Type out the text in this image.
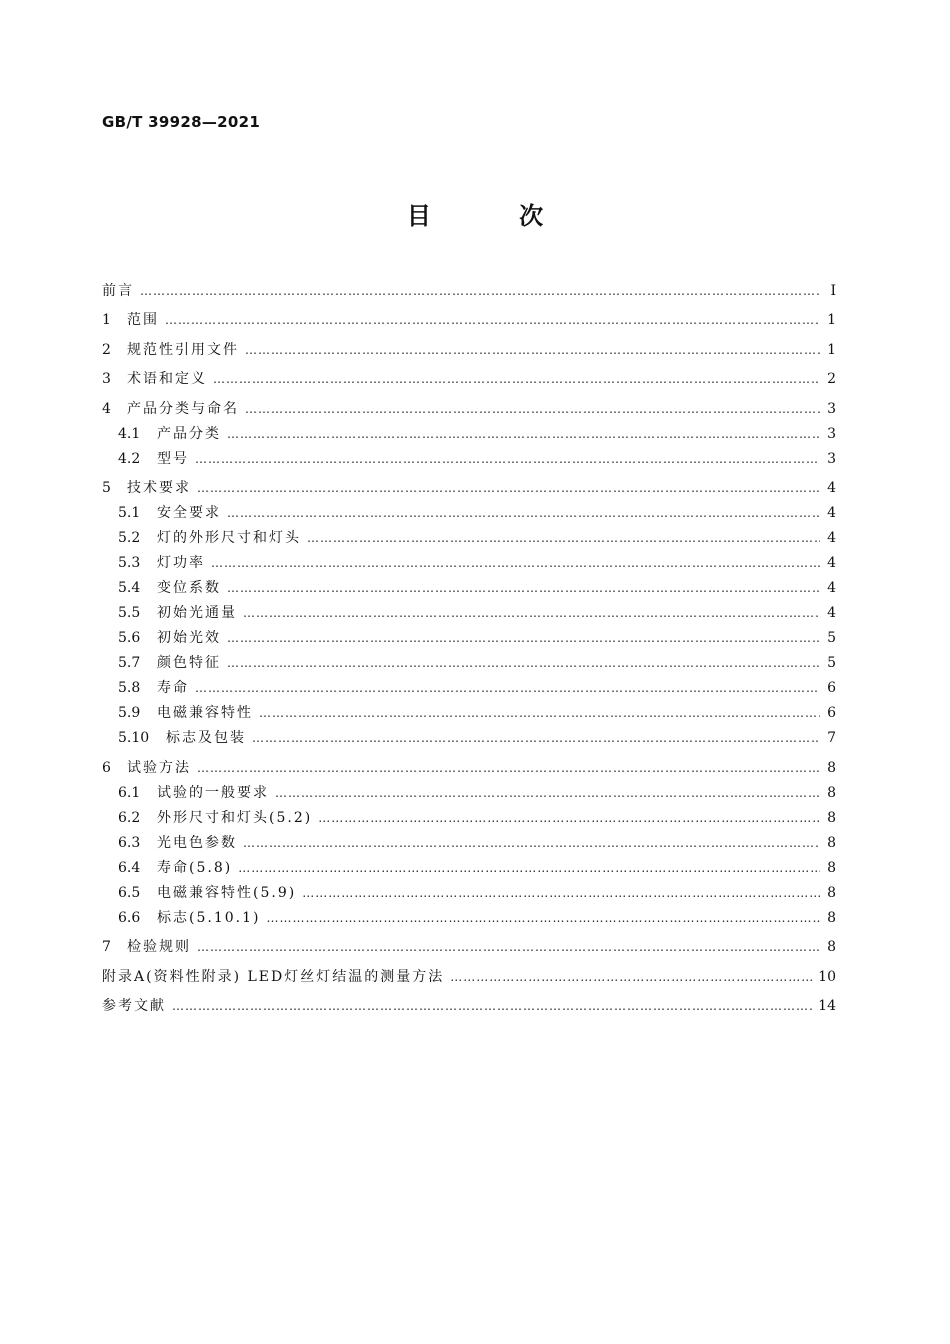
GB/T 39928—2021
目 次
前言 ……………………………………………………………………………………………………………………………………………………………………………………………………………………………………	Ⅰ
1	范围 ……………………………………………………………………………………………………………………………………………………………………………………………………………………………………	1
2	规范性引用文件 ……………………………………………………………………………………………………………………………………………………………………………………………………………………………………	1
3	术语和定义 ……………………………………………………………………………………………………………………………………………………………………………………………………………………………………	2
4	产品分类与命名 ……………………………………………………………………………………………………………………………………………………………………………………………………………………………………	3
4.1	产品分类 ……………………………………………………………………………………………………………………………………………………………………………………………………………………………………	3
4.2	型号 ……………………………………………………………………………………………………………………………………………………………………………………………………………………………………	3
5	技术要求 ……………………………………………………………………………………………………………………………………………………………………………………………………………………………………	4
5.1	安全要求 ……………………………………………………………………………………………………………………………………………………………………………………………………………………………………	4
5.2	灯的外形尺寸和灯头 ……………………………………………………………………………………………………………………………………………………………………………………………………………………………………	4
5.3	灯功率 ……………………………………………………………………………………………………………………………………………………………………………………………………………………………………	4
5.4	变位系数 ……………………………………………………………………………………………………………………………………………………………………………………………………………………………………	4
5.5	初始光通量 ……………………………………………………………………………………………………………………………………………………………………………………………………………………………………	4
5.6	初始光效 ……………………………………………………………………………………………………………………………………………………………………………………………………………………………………	5
5.7	颜色特征 ……………………………………………………………………………………………………………………………………………………………………………………………………………………………………	5
5.8	寿命 ……………………………………………………………………………………………………………………………………………………………………………………………………………………………………	6
5.9	电磁兼容特性 ……………………………………………………………………………………………………………………………………………………………………………………………………………………………………	6
5.10	标志及包装 ……………………………………………………………………………………………………………………………………………………………………………………………………………………………………	7
6	试验方法 ……………………………………………………………………………………………………………………………………………………………………………………………………………………………………	8
6.1	试验的一般要求 ……………………………………………………………………………………………………………………………………………………………………………………………………………………………………	8
6.2	外形尺寸和灯头(5.2) ……………………………………………………………………………………………………………………………………………………………………………………………………………………………………	8
6.3	光电色参数 ……………………………………………………………………………………………………………………………………………………………………………………………………………………………………	8
6.4	寿命(5.8) ……………………………………………………………………………………………………………………………………………………………………………………………………………………………………	8
6.5	电磁兼容特性(5.9) ……………………………………………………………………………………………………………………………………………………………………………………………………………………………………	8
6.6	标志(5.10.1) ……………………………………………………………………………………………………………………………………………………………………………………………………………………………………	8
7	检验规则 ……………………………………………………………………………………………………………………………………………………………………………………………………………………………………	8
附录A(资料性附录) LED灯丝灯结温的测量方法 ……………………………………………………………………………………………………………………………………………………………………………………………………………………………………	10
参考文献 ……………………………………………………………………………………………………………………………………………………………………………………………………………………………………	14
